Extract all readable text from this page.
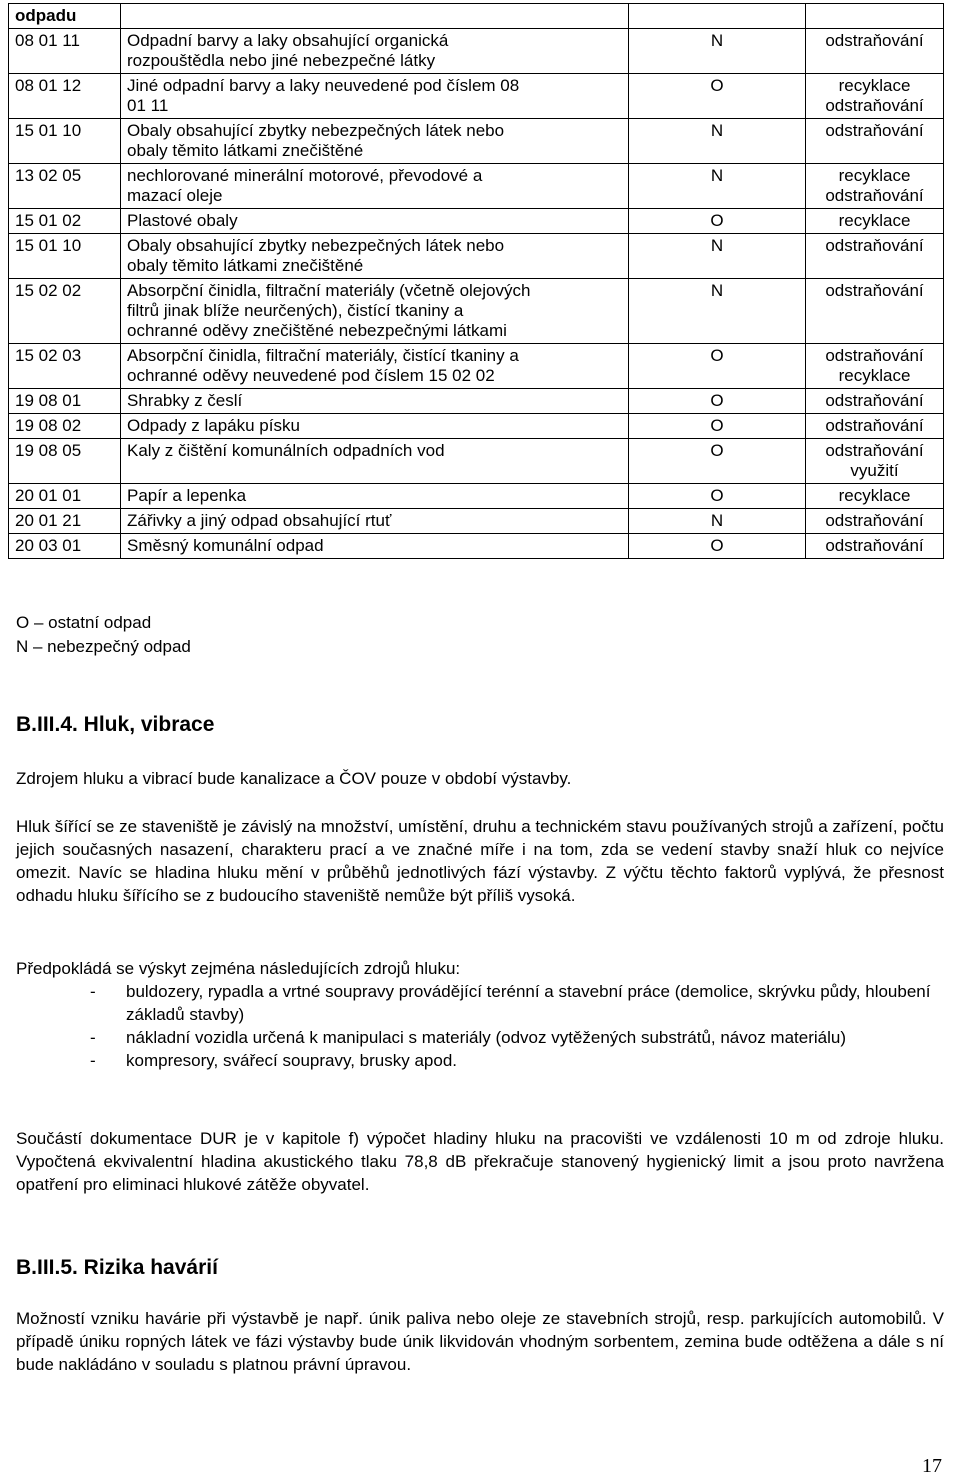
odpadu			
08 01 11	Odpadní barvy a laky obsahující organická
rozpouštědla nebo jiné nebezpečné látky	N	odstraňování

08 01 12	Jiné odpadní barvy a laky neuvedené pod číslem 08
01 11	O	recyklace
odstraňování

15 01 10	Obaly obsahující zbytky nebezpečných látek nebo
obaly těmito látkami znečištěné	N	odstraňování

13 02 05	nechlorované minerální motorové, převodové a
mazací oleje	N	recyklace
odstraňování

15 01 02	Plastové obaly	O	recyklace

15 01 10	Obaly obsahující zbytky nebezpečných látek nebo
obaly těmito látkami znečištěné	N	odstraňování

15 02 02	Absorpční činidla, filtrační materiály (včetně olejových
filtrů jinak blíže neurčených), čistící tkaniny a
ochranné oděvy znečištěné nebezpečnými látkami	N	odstraňování

15 02 03	Absorpční činidla, filtrační materiály, čistící tkaniny a
ochranné oděvy neuvedené pod číslem 15 02 02	O	odstraňování
recyklace

19 08 01	Shrabky z česlí	O	odstraňování

19 08 02	Odpady z lapáku písku	O	odstraňování

19 08 05	Kaly z čištění komunálních odpadních vod	O	odstraňování
využití

20 01 01	Papír a lepenka	O	recyklace

20 01 21	Zářivky a jiný odpad obsahující rtuť	N	odstraňování

20 03 01	Směsný komunální odpad	O	odstraňování
O – ostatní odpad
N – nebezpečný odpad
B.III.4. Hluk, vibrace

Zdrojem hluku a vibrací bude kanalizace a ČOV pouze v období výstavby.

Hluk šířící se ze staveniště je závislý na množství, umístění, druhu a technickém stavu používaných strojů a zařízení, počtu jejich současných nasazení, charakteru prací a ve značné míře i na tom, zda se vedení stavby snaží hluk co nejvíce omezit. Navíc se hladina hluku mění v průběhů jednotlivých fází výstavby. Z výčtu těchto faktorů vyplývá, že přesnost odhadu hluku šířícího se z budoucího staveniště nemůže být příliš vysoká.

Předpokládá se výskyt zejména následujících zdrojů hluku:

- buldozery, rypadla a vrtné soupravy provádějící terénní a stavební práce (demolice, skrývku půdy, hloubení základů stavby)
- nákladní vozidla určená k manipulaci s materiály (odvoz vytěžených substrátů, návoz materiálu)
- kompresory, svářecí soupravy, brusky apod.

Součástí dokumentace DUR je v kapitole f) výpočet hladiny hluku na pracovišti ve vzdálenosti 10 m od zdroje hluku. Vypočtená ekvivalentní hladina akustického tlaku 78,8 dB překračuje stanovený hygienický limit a jsou proto navržena opatření pro eliminaci hlukové zátěže obyvatel.

B.III.5. Rizika havárií

Možností vzniku havárie při výstavbě je např. únik paliva nebo oleje ze stavebních strojů, resp. parkujících automobilů. V případě úniku ropných látek ve fázi výstavby bude únik likvidován vhodným sorbentem, zemina bude odtěžena a dále s ní bude nakládáno v souladu s platnou právní úpravou.

17
